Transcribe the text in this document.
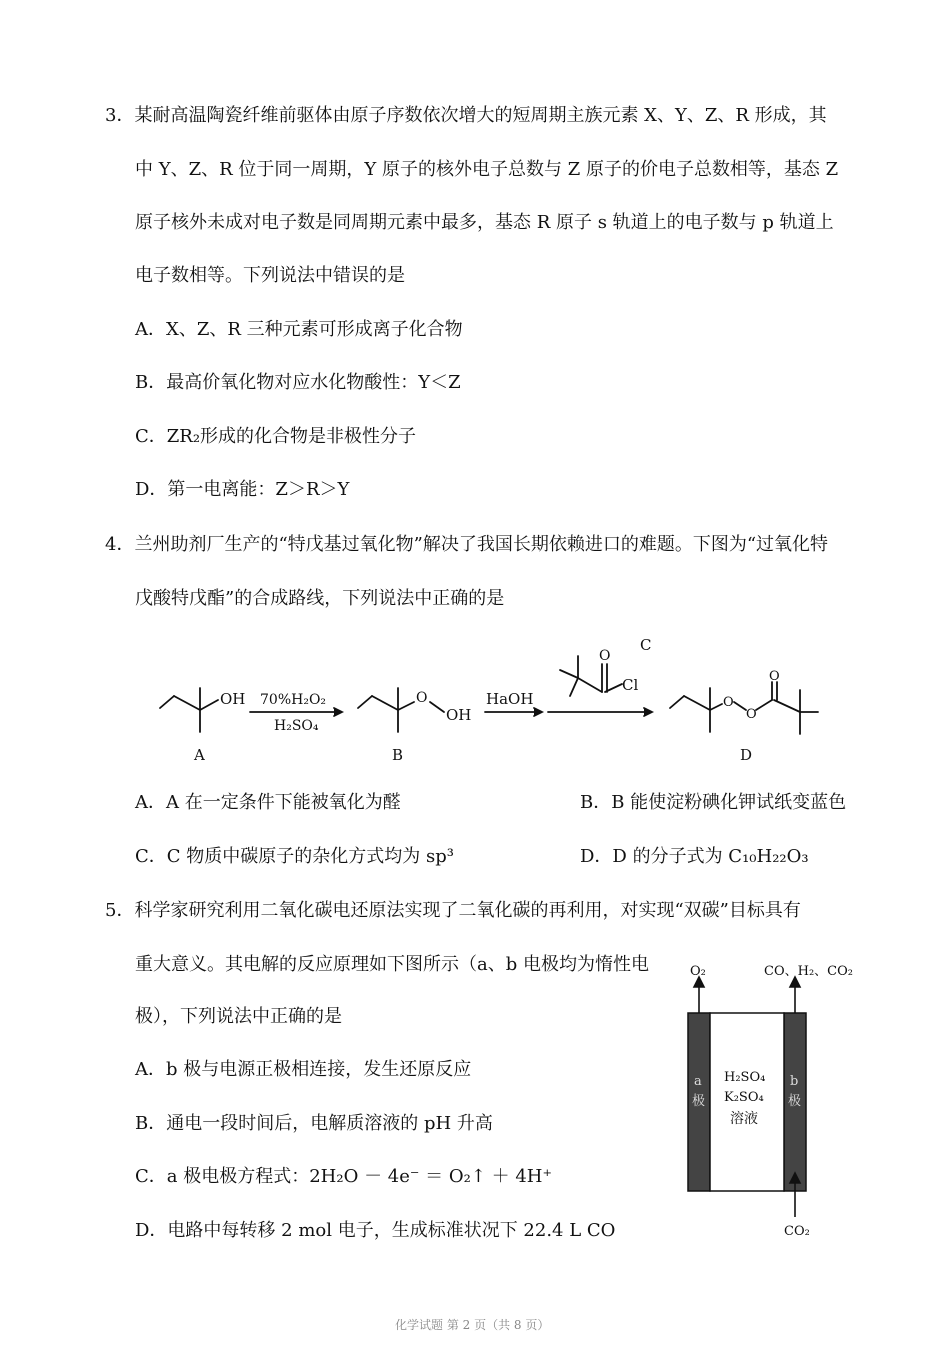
3．某耐高温陶瓷纤维前驱体由原子序数依次增大的短周期主族元素 X、Y、Z、R 形成，其
中 Y、Z、R 位于同一周期，Y 原子的核外电子总数与 Z 原子的价电子总数相等，基态 Z
原子核外未成对电子数是同周期元素中最多，基态 R 原子 s 轨道上的电子数与 p 轨道上
电子数相等。下列说法中错误的是
A．X、Z、R 三种元素可形成离子化合物
B．最高价氧化物对应水化物酸性：Y＜Z
C．ZR₂形成的化合物是非极性分子
D．第一电离能：Z＞R＞Y
4．兰州助剂厂生产的“特戊基过氧化物”解决了我国长期依赖进口的难题。下图为“过氧化特
戊酸特戊酯”的合成路线，下列说法中正确的是
OH
A
70%H₂O₂
H₂SO₄
O
OH
B
HaOH
O
Cl
C
O
O
O
D
A．A 在一定条件下能被氧化为醛	B．B 能使淀粉碘化钾试纸变蓝色
C．C 物质中碳原子的杂化方式均为 sp³	D．D 的分子式为 C₁₀H₂₂O₃
5．科学家研究利用二氧化碳电还原法实现了二氧化碳的再利用，对实现“双碳”目标具有
重大意义。其电解的反应原理如下图所示（a、b 电极均为惰性电
极），下列说法中正确的是
A．b 极与电源正极相连接，发生还原反应
B．通电一段时间后，电解质溶液的 pH 升高
C．a 极电极方程式：2H₂O － 4e⁻ ＝ O₂↑ ＋ 4H⁺
D．电路中每转移 2 mol 电子，生成标准状况下 22.4 L CO
O₂	CO、H₂、CO₂
CO₂
H₂SO₄
K₂SO₄
溶液
a
极
b
极
化学试题 第 2 页（共 8 页）
